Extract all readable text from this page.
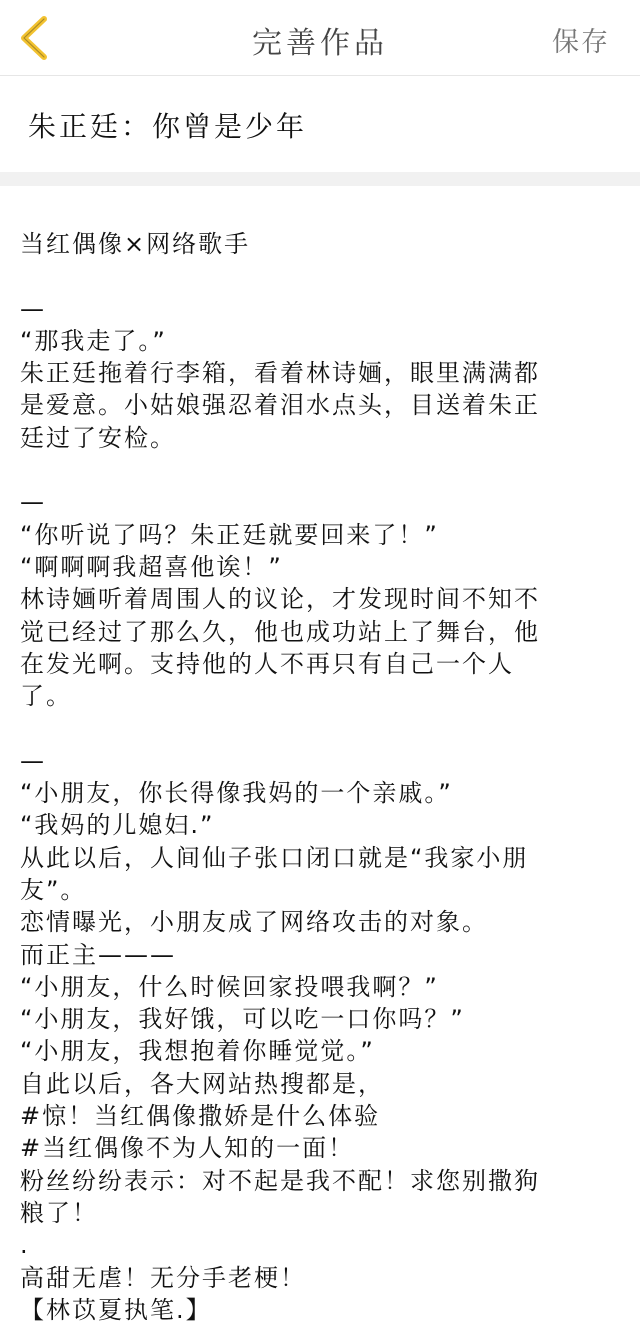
完善作品	保存
朱正廷：你曾是少年
当红偶像×网络歌手
—
“那我走了。”
朱正廷拖着行李箱，看着林诗婳，眼里满满都
是爱意。小姑娘强忍着泪水点头，目送着朱正
廷过了安检。
—
“你听说了吗？朱正廷就要回来了！”
“啊啊啊我超喜他诶！”
林诗婳听着周围人的议论，才发现时间不知不
觉已经过了那么久，他也成功站上了舞台，他
在发光啊。支持他的人不再只有自己一个人
了。
—
“小朋友，你长得像我妈的一个亲戚。”
“我妈的儿媳妇.”
从此以后，人间仙子张口闭口就是“我家小朋
友”。
恋情曝光，小朋友成了网络攻击的对象。
而正主———
“小朋友，什么时候回家投喂我啊？”
“小朋友，我好饿，可以吃一口你吗？”
“小朋友，我想抱着你睡觉觉。”
自此以后，各大网站热搜都是，
#惊！当红偶像撒娇是什么体验
#当红偶像不为人知的一面！
粉丝纷纷表示：对不起是我不配！求您别撒狗
粮了！
.
高甜无虐！无分手老梗！
【林苡夏执笔.】
